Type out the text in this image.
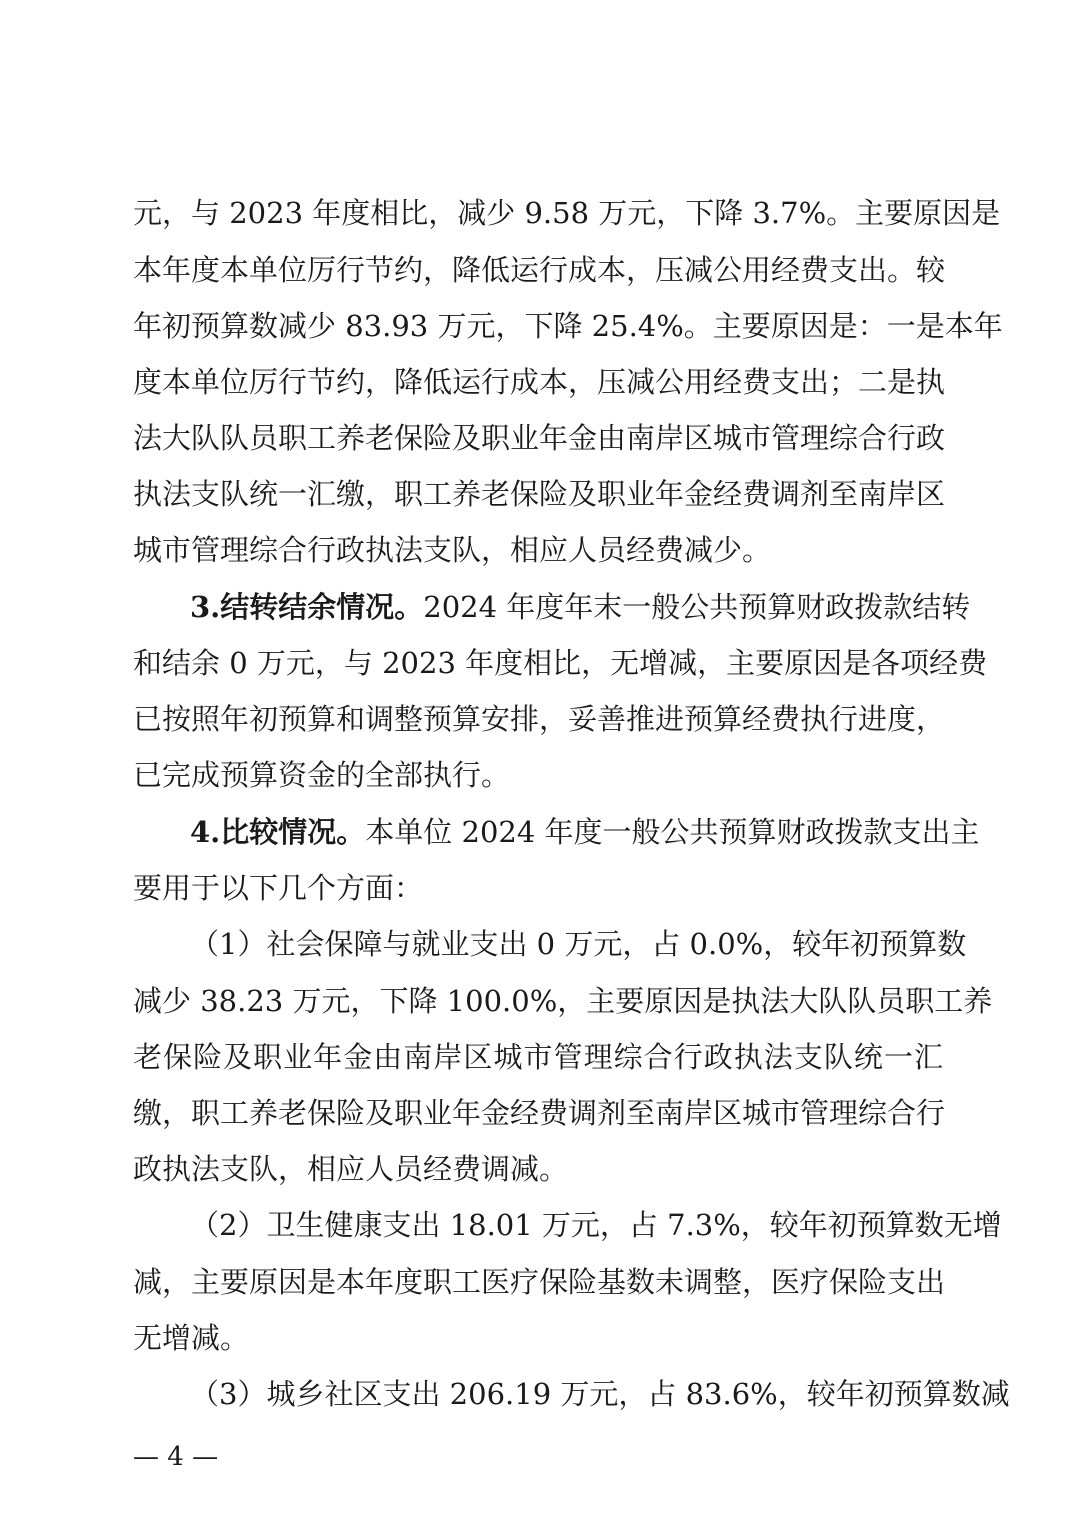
元，与 2023 年度相比，减少 9.58 万元，下降 3.7%。主要原因是
本年度本单位厉行节约，降低运行成本，压减公用经费支出。较
年初预算数减少 83.93 万元，下降 25.4%。主要原因是：一是本年
度本单位厉行节约，降低运行成本，压减公用经费支出；二是执
法大队队员职工养老保险及职业年金由南岸区城市管理综合行政
执法支队统一汇缴，职工养老保险及职业年金经费调剂至南岸区
城市管理综合行政执法支队，相应人员经费减少。
3.结转结余情况。2024 年度年末一般公共预算财政拨款结转
和结余 0 万元，与 2023 年度相比，无增减，主要原因是各项经费
已按照年初预算和调整预算安排，妥善推进预算经费执行进度，
已完成预算资金的全部执行。
4.比较情况。本单位 2024 年度一般公共预算财政拨款支出主
要用于以下几个方面：
（1）社会保障与就业支出 0 万元，占 0.0%，较年初预算数
减少 38.23 万元，下降 100.0%，主要原因是执法大队队员职工养
老保险及职业年金由南岸区城市管理综合行政执法支队统一汇
缴，职工养老保险及职业年金经费调剂至南岸区城市管理综合行
政执法支队，相应人员经费调减。
（2）卫生健康支出 18.01 万元，占 7.3%，较年初预算数无增
减，主要原因是本年度职工医疗保险基数未调整，医疗保险支出
无增减。
（3）城乡社区支出 206.19 万元，占 83.6%，较年初预算数减
— 4 —
